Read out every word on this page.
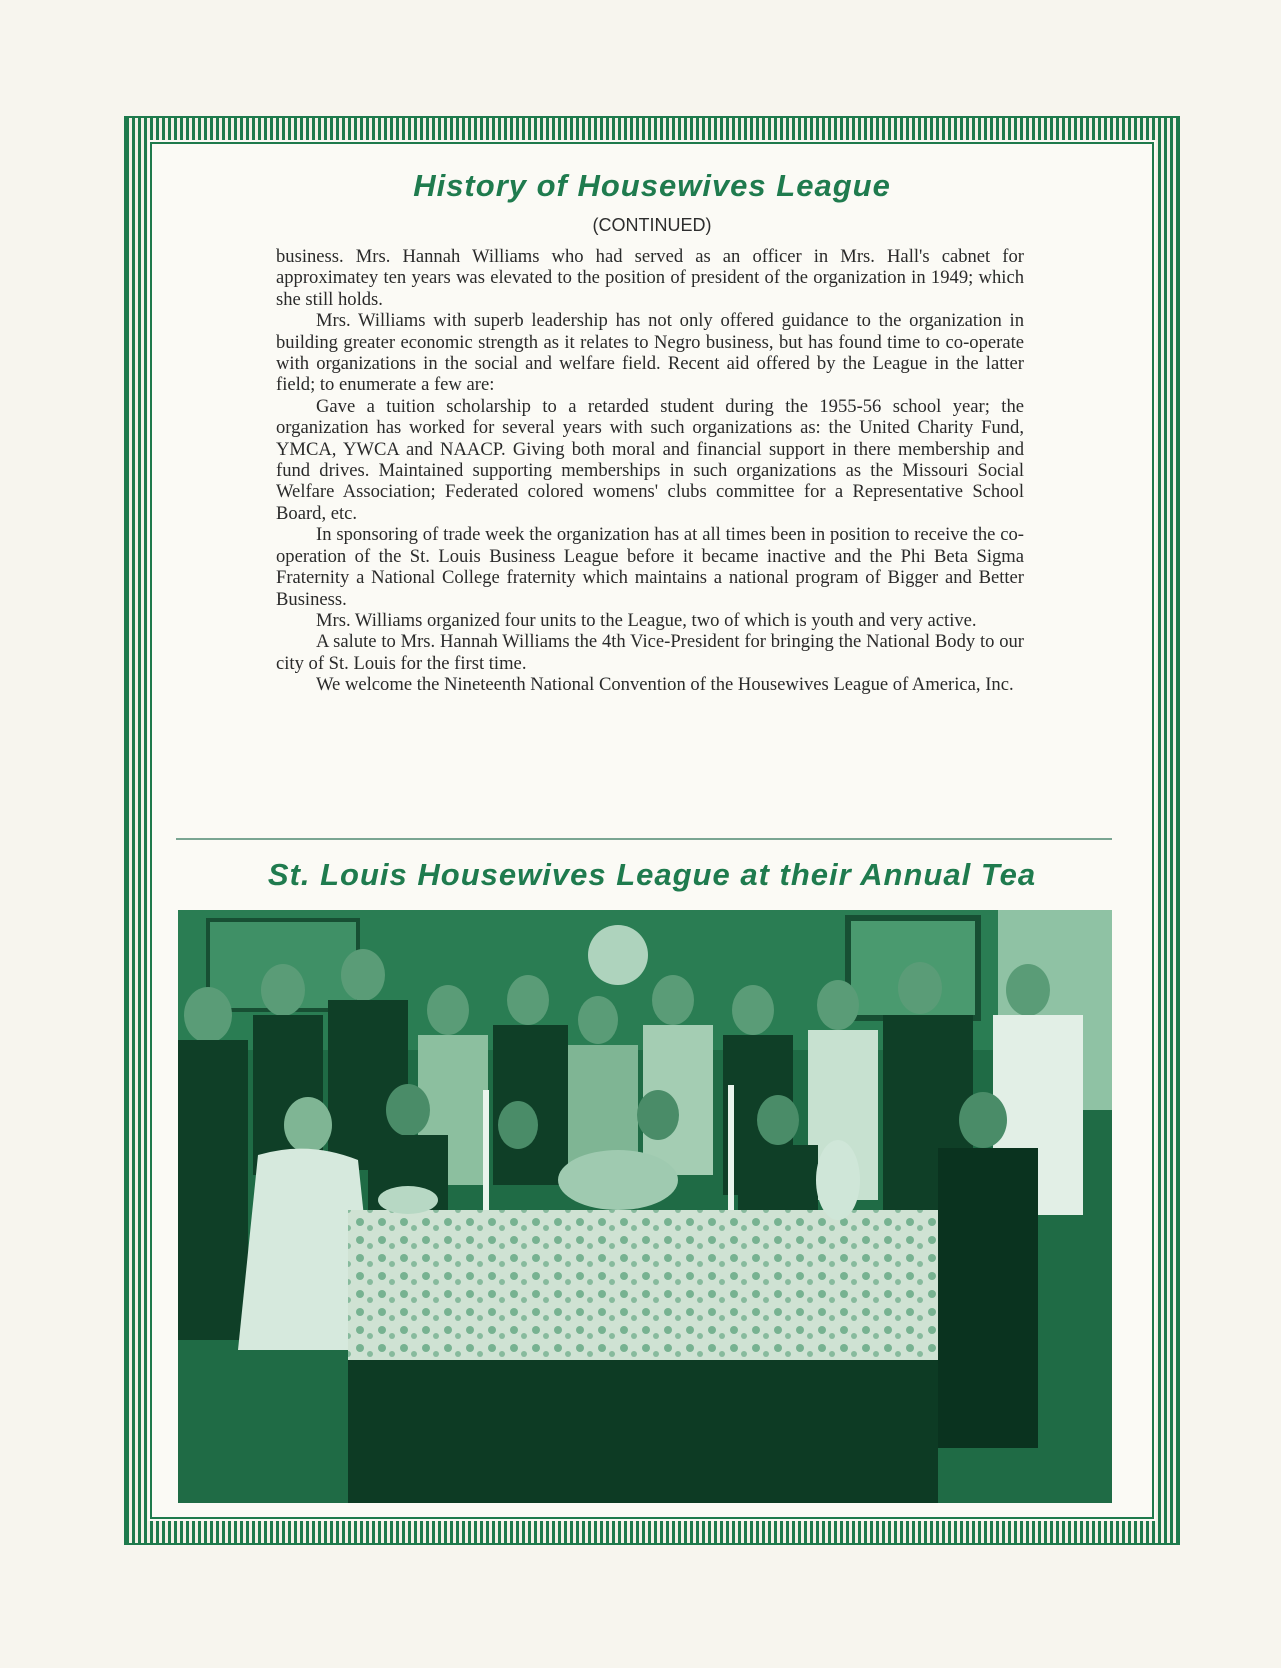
History of Housewives League
(CONTINUED)

business. Mrs. Hannah Williams who had served as an officer in Mrs. Hall's cabnet for approximatey ten years was elevated to the position of president of the organization in 1949; which she still holds.

Mrs. Williams with superb leadership has not only offered guidance to the organization in building greater economic strength as it relates to Negro business, but has found time to co-operate with organizations in the social and welfare field. Recent aid offered by the League in the latter field; to enumerate a few are:

Gave a tuition scholarship to a retarded student during the 1955-56 school year; the organization has worked for several years with such organizations as: the United Charity Fund, YMCA, YWCA and NAACP. Giving both moral and financial support in there membership and fund drives. Maintained supporting memberships in such organizations as the Missouri Social Welfare Association; Federated colored womens' clubs committee for a Representative School Board, etc.

In sponsoring of trade week the organization has at all times been in position to receive the co-operation of the St. Louis Business League before it became inactive and the Phi Beta Sigma Fraternity a National College fraternity which maintains a national program of Bigger and Better Business.

Mrs. Williams organized four units to the League, two of which is youth and very active.

A salute to Mrs. Hannah Williams the 4th Vice-President for bringing the National Body to our city of St. Louis for the first time.

We welcome the Nineteenth National Convention of the Housewives League of America, Inc.

St. Louis Housewives League at their Annual Tea
